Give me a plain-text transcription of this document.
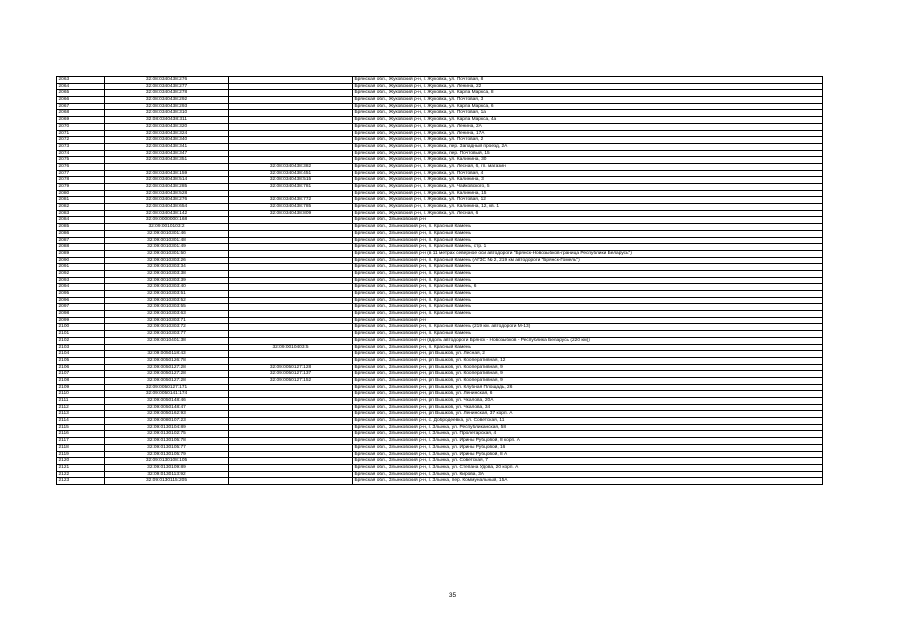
2063	32:08:0340438:276		Брянская обл., Жуковский р-н, г. Жуковка, ул. Почтовая, 8
2064	32:08:0340438:277		Брянская обл., Жуковский р-н, г. Жуковка, ул. Ленина, 22
2065	32:08:0340438:278		Брянская обл., Жуковский р-н, г. Жуковка, ул. Карла Маркса, 8
2066	32:08:0340438:292		Брянская обл., Жуковский р-н, г. Жуковка, ул. Почтовая, 3
2067	32:08:0340438:293		Брянская обл., Жуковский р-н, г. Жуковка, ул. Карла Маркса, 6
2068	32:08:0340438:310		Брянская обл., Жуковский р-н, г. Жуковка, ул. Почтовая, 1а
2069	32:08:0340438:311		Брянская обл., Жуковский р-н, г. Жуковка, ул. Карла Маркса, 4а
2070	32:08:0340438:320		Брянская обл., Жуковский р-н, г. Жуковка, ул. Ленина, 2А
2071	32:08:0340438:324		Брянская обл., Жуковский р-н, г. Жуковка, ул. Ленина, 17А
2072	32:08:0340438:340		Брянская обл., Жуковский р-н, г. Жуковка, ул. Почтовая, 2
2073	32:08:0340438:341		Брянская обл., Жуковский р-н, г. Жуковка, пер. Западный проезд, 2А
2074	32:08:0340438:347		Брянская обл., Жуковский р-н, г. Жуковка, пер. Почтовый, 15
2075	32:08:0340438:351		Брянская обл., Жуковский р-н, г. Жуковка, ул. Калинина, 30
2076		32:08:0340438:382	Брянская обл., Жуковский р-н, г. Жуковка, ул. Лесная, 6, гп. магазин
2077	32:08:0340438:159	32:08:0340438:451	Брянская обл., Жуковский р-н, г. Жуковка, ул. Почтовая, 4
2078	32:08:0340438:514	32:08:0340438:515	Брянская обл., Жуковский р-н, г. Жуковка, ул. Калинина, 3
2079	32:08:0340438:285	32:08:0340438:781	Брянская обл., Жуковский р-н, г. Жуковка, ул. Чайковского, 5
2080	32:08:0340438:528		Брянская обл., Жуковский р-н, г. Жуковка, ул. Калинина, 15
2081	32:08:0340438:276	32:08:0340438:772	Брянская обл., Жуковский р-н, г. Жуковка, ул. Почтовая, 12
2082	32:08:0340438:654	32:08:0340438:785	Брянская обл., Жуковский р-н, г. Жуковка, ул. Калинина, 12, кв. 1
2083	32:08:0340438:142	32:08:0340438:809	Брянская обл., Жуковский р-н, г. Жуковка, ул. Лесная, 6
2084	32:09:0000000:168		Брянская обл., Злынковский р-н
2085	32:09:0010103:2		Брянская обл., Злынковский р-н, п. Красный Камень
2086	32:09:0010301:46		Брянская обл., Злынковский р-н, п. Красный Камень
2087	32:09:0010301:48		Брянская обл., Злынковский р-н, п. Красный Камень
2088	32:09:0010301:49		Брянская обл., Злынковский р-н, п. Красный Камень, стр. 1
2089	32:09:0010301:50		Брянская обл., Злынковский р-н (в 11 метрах северное оси автодороги "Брянск-Новозыбков-граница Республики Беларусь")
2090	32:09:0010303:26		Брянская обл., Злынковский р-н, п. Красный Камень (АГЗС № 2, 219 км автодороги "Брянск-Гомель")
2091	32:09:0010303:34		Брянская обл., Злынковский р-н, п. Красный Камень
2092	32:09:0010303:38		Брянская обл., Злынковский р-н, п. Красный Камень
2093	32:09:0010303:39		Брянская обл., Злынковский р-н, п. Красный Камень
2094	32:09:0010303:40		Брянская обл., Злынковский р-н, п. Красный Камень, 6
2095	32:09:0010303:51		Брянская обл., Злынковский р-н, п. Красный Камень
2096	32:09:0010303:52		Брянская обл., Злынковский р-н, п. Красный Камень
2097	32:09:0010303:55		Брянская обл., Злынковский р-н, п. Красный Камень
2098	32:09:0010303:63		Брянская обл., Злынковский р-н, п. Красный Камень
2099	32:09:0010303:71		Брянская обл., Злынковский р-н
2100	32:09:0010303:72		Брянская обл., Злынковский р-н, п. Красный Камень (219 км. автодороги М-13)
2101	32:09:0010303:77		Брянская обл., Злынковский р-н, п. Красный Камень
2102	32:09:0010401:38		Брянская обл., Злынковский р-н (вдоль автодороги Брянск - Новозыбков - Республика Беларусь (220 км))
2103		32:09:0010403:5	Брянская обл., Злынковский р-н, п. Красный Камень
2104	32:09:0050118:43		Брянская обл., Злынковский р-н, рп Вышков, ул. Лесная, 2
2105	32:09:0050126:78		Брянская обл., Злынковский р-н, рп Вышков, ул. Кооперативная, 12
2106	32:09:0050127:28	32:09:0050127:128	Брянская обл., Злынковский р-н, рп Вышков, ул. Кооперативная, 9
2107	32:09:0050127:28	32:09:0050127:137	Брянская обл., Злынковский р-н, рп Вышков, ул. Кооперативная, 9
2108	32:09:0050127:28	32:09:0050127:152	Брянская обл., Злынковский р-н, рп Вышков, ул. Кооперативная, 9
2109	32:09:0050127:171		Брянская обл., Злынковский р-н, рп Вышков, ул. Клубная Площадь, 26
2110	32:09:0050141:174		Брянская обл., Злынковский р-н, рп Вышков, ул. Ленинская, 6
2111	32:09:0050148:46		Брянская обл., Злынковский р-н, рп Вышков, ул. Чкалова, 20А
2112	32:09:0050148:47		Брянская обл., Злынковский р-н, рп Вышков, ул. Чкалова, 34
2113	32:09:0050162:93		Брянская обл., Злынковский р-н, рп Вышков, ул. Ленинская, 37 корп. А
2114	32:09:0080107:23		Брянская обл., Злынковский р-н, с. Добродеевка, ул. Советская, 11
2115	32:09:0130104:89		Брянская обл., Злынковский р-н, г. Злынка, ул. Республиканская, 58
2116	32:09:0130102:75		Брянская обл., Злынковский р-н, г. Злынка, ул. Пролетарская, 4
2117	32:09:0130105:78		Брянская обл., Злынковский р-н, г. Злынка, ул. Ирины Рубцовой, 8 корп. А
2118	32:09:0130105:77		Брянская обл., Злынковский р-н, г. Злынка, ул. Ирины Рубцовой, 16
2119	32:09:0130105:79		Брянская обл., Злынковский р-н, г. Злынка, ул. Ирины Рубцовой, 8 А
2120	32:09:0130108:105		Брянская обл., Злынковский р-н, г. Злынка, ул. Советская, 7
2121	32:09:0130109:89		Брянская обл., Злынковский р-н, г. Злынка, ул. Степана Удова, 20 корп. А
2122	32:09:0130113:92		Брянская обл., Злынковский р-н, г. Злынка, ул. Кирова, 3А
2123	32:09:0130115:205		Брянская обл., Злынковский р-н, г. Злынка, пер. Коммунальный, 15А
35
